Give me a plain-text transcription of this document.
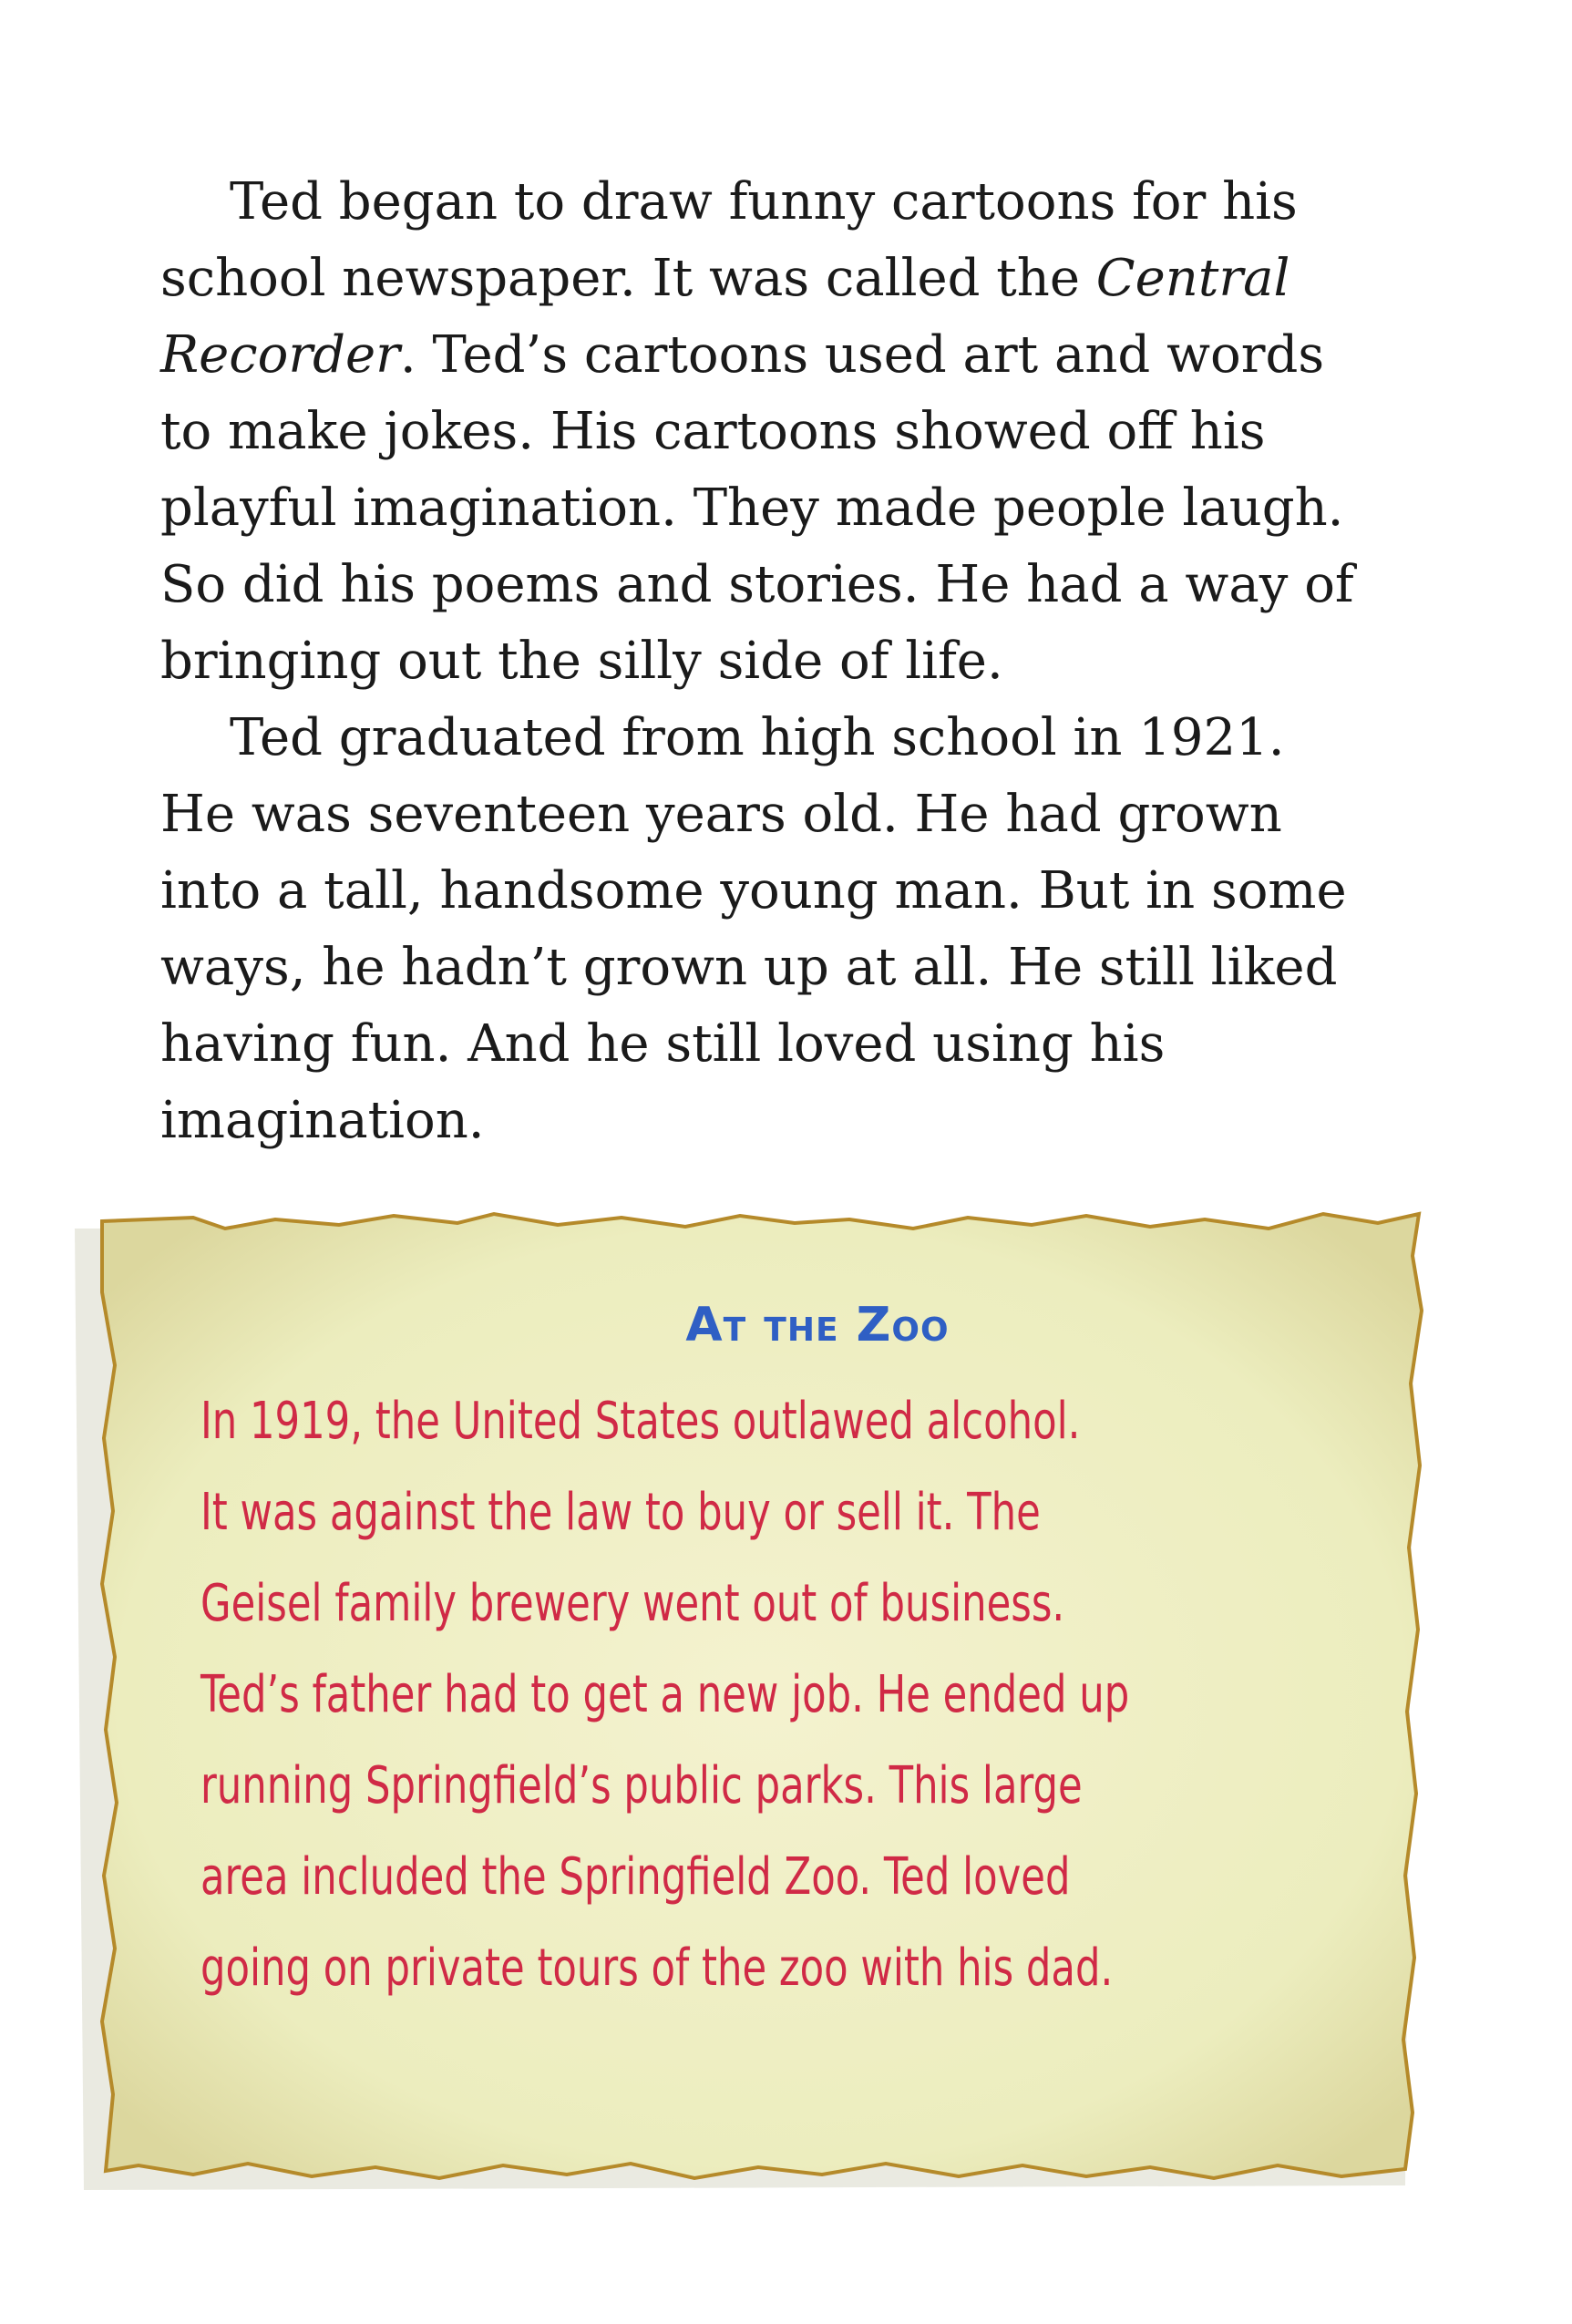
Ted began to draw funny cartoons for his school newspaper. It was called the Central Recorder. Ted’s cartoons used art and words to make jokes. His cartoons showed off his playful imagination. They made people laugh. So did his poems and stories. He had a way of bringing out the silly side of life.

Ted graduated from high school in 1921. He was seventeen years old. He had grown into a tall, handsome young man. But in some ways, he hadn’t grown up at all. He still liked having fun. And he still loved using his imagination.

At the Zoo
In 1919, the United States outlawed alcohol.
It was against the law to buy or sell it. The
Geisel family brewery went out of business.
Ted’s father had to get a new job. He ended up
running Springfield’s public parks. This large
area included the Springfield Zoo. Ted loved
going on private tours of the zoo with his dad.
